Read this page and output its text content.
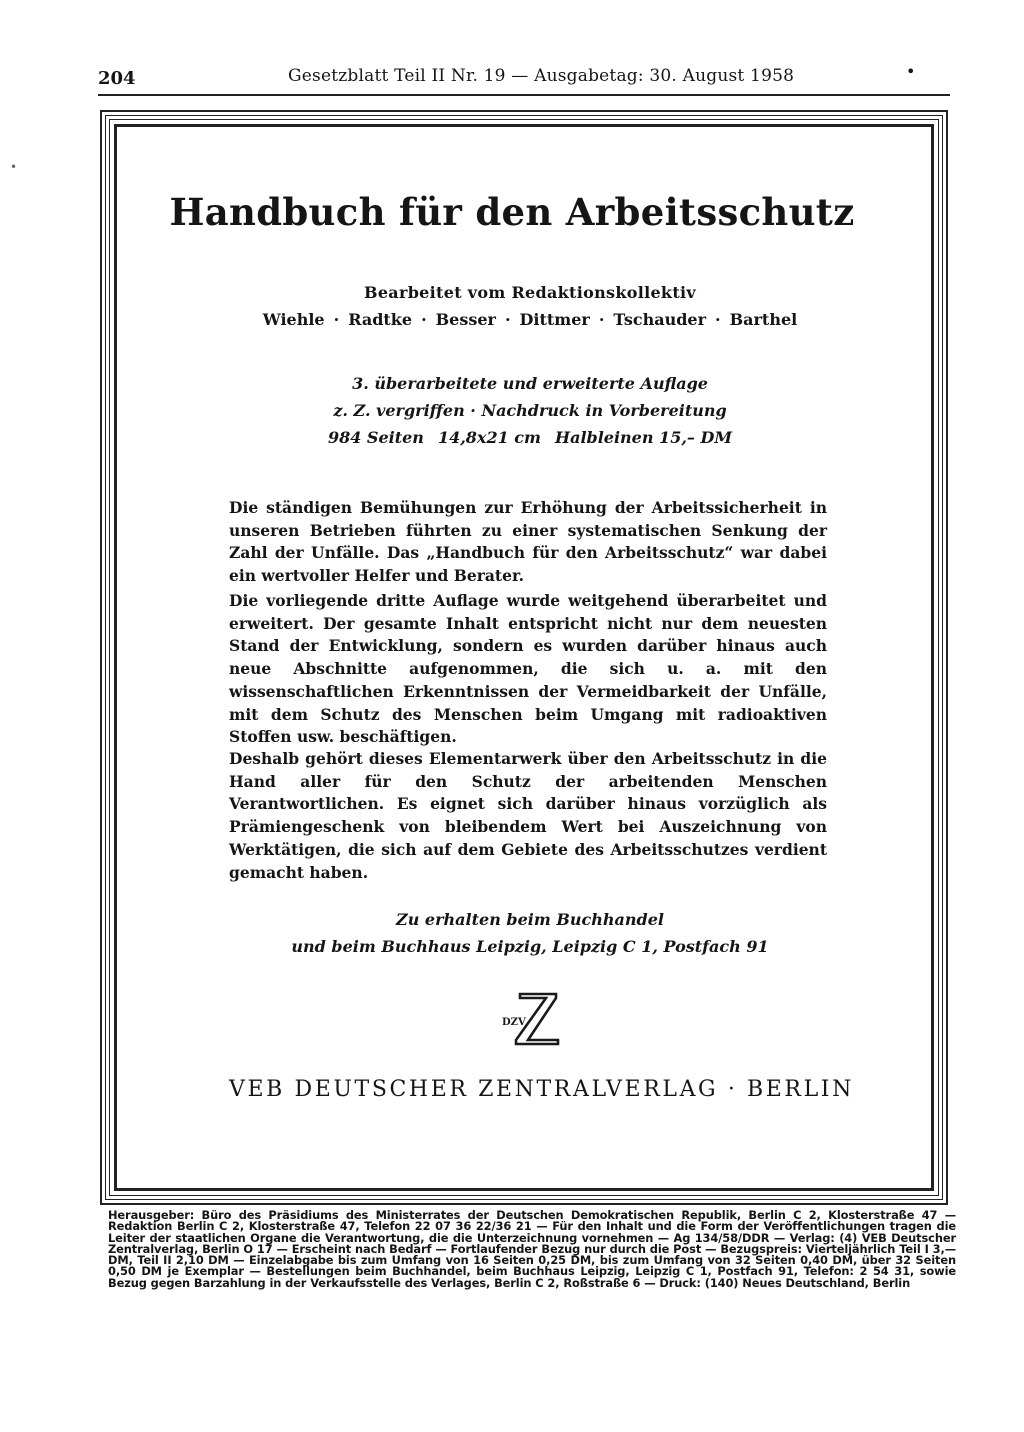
204	Gesetzblatt Teil II Nr. 19 — Ausgabetag: 30. August 1958	•
Handbuch für den Arbeitsschutz
Bearbeitet vom Redaktionskollektiv
Wiehle · Radtke · Besser · Dittmer · Tschauder · Barthel
3. überarbeitete und erweiterte Auflage
z. Z. vergriffen · Nachdruck in Vorbereitung
984 Seiten 14,8x21 cm Halbleinen 15,– DM

Die ständigen Bemühungen zur Erhöhung der Arbeitssicherheit in unseren Betrieben führten zu einer systematischen Senkung der Zahl der Unfälle. Das „Handbuch für den Arbeitsschutz“ war dabei ein wertvoller Helfer und Berater.

Die vorliegende dritte Auflage wurde weitgehend überarbeitet und erweitert. Der gesamte Inhalt entspricht nicht nur dem neuesten Stand der Entwicklung, sondern es wurden darüber hinaus auch neue Abschnitte aufgenommen, die sich u. a. mit den wissenschaftlichen Erkenntnissen der Vermeidbarkeit der Unfälle, mit dem Schutz des Menschen beim Umgang mit radioaktiven Stoffen usw. beschäftigen.

Deshalb gehört dieses Elementarwerk über den Arbeitsschutz in die Hand aller für den Schutz der arbeitenden Menschen Verantwortlichen. Es eignet sich darüber hinaus vorzüglich als Prämiengeschenk von bleibendem Wert bei Auszeichnung von Werktätigen, die sich auf dem Gebiete des Arbeitsschutzes verdient gemacht haben.

Zu erhalten beim Buchhandel
und beim Buchhaus Leipzig, Leipzig C 1, Postfach 91
DZV
VEB DEUTSCHER ZENTRALVERLAG · BERLIN

Herausgeber: Büro des Präsidiums des Ministerrates der Deutschen Demokratischen Republik, Berlin C 2, Klosterstraße 47 — Redaktion Berlin C 2, Klosterstraße 47, Telefon 22 07 36 22/36 21 — Für den Inhalt und die Form der Veröffentlichungen tragen die Leiter der staatlichen Organe die Verantwortung, die die Unterzeichnung vornehmen — Ag 134/58/DDR — Verlag: (4) VEB Deutscher Zentralverlag, Berlin O 17 — Erscheint nach Bedarf — Fortlaufender Bezug nur durch die Post — Bezugspreis: Vierteljährlich Teil I 3,— DM, Teil II 2,10 DM — Einzelabgabe bis zum Umfang von 16 Seiten 0,25 DM, bis zum Umfang von 32 Seiten 0,40 DM, über 32 Seiten 0,50 DM je Exemplar — Bestellungen beim Buchhandel, beim Buchhaus Leipzig, Leipzig C 1, Postfach 91, Telefon: 2 54 31, sowie Bezug gegen Barzahlung in der Verkaufsstelle des Verlages, Berlin C 2, Roßstraße 6 — Druck: (140) Neues Deutschland, Berlin

•
